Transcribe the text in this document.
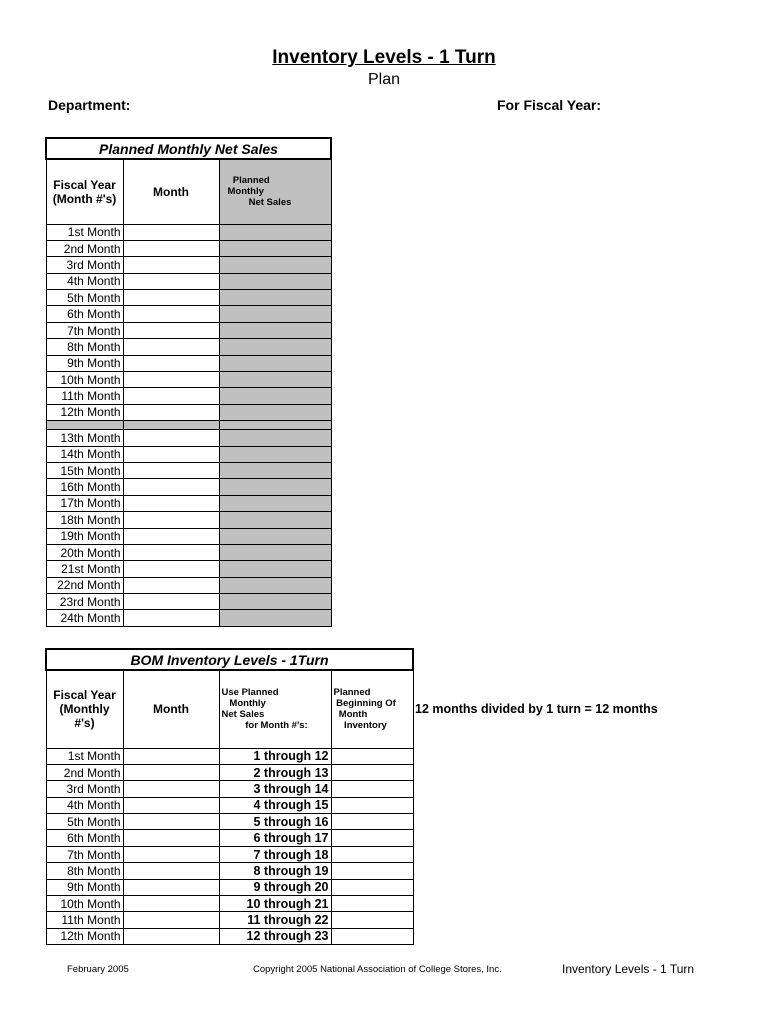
Inventory Levels - 1 Turn
Plan
Department:	For Fiscal Year:
Planned Monthly Net Sales		
Fiscal Year
(Month #'s)	Month	Planned
Monthly
Net Sales

1st Month		
2nd Month		
3rd Month		
4th Month		
5th Month		
6th Month		
7th Month		
8th Month		
9th Month		
10th Month		
11th Month		
12th Month		

13th Month		
14th Month		
15th Month		
16th Month		
17th Month		
18th Month		
19th Month		
20th Month		
21st Month		
22nd Month		
23rd Month		
24th Month		
BOM Inventory Levels - 1Turn			
Fiscal Year
(Monthly
#'s)	Month	Use Planned
Monthly
Net Sales
for Month #'s:	Planned
Beginning Of
Month
Inventory

1st Month		1 through 12	
2nd Month		2 through 13	
3rd Month		3 through 14	
4th Month		4 through 15	
5th Month		5 through 16	
6th Month		6 through 17	
7th Month		7 through 18	
8th Month		8 through 19	
9th Month		9 through 20	
10th Month		10 through 21	
11th Month		11 through 22	
12th Month		12 through 23	
12 months divided by 1 turn = 12 months
February 2005	Copyright 2005 National Association of College Stores, Inc.	Inventory Levels - 1 Turn
